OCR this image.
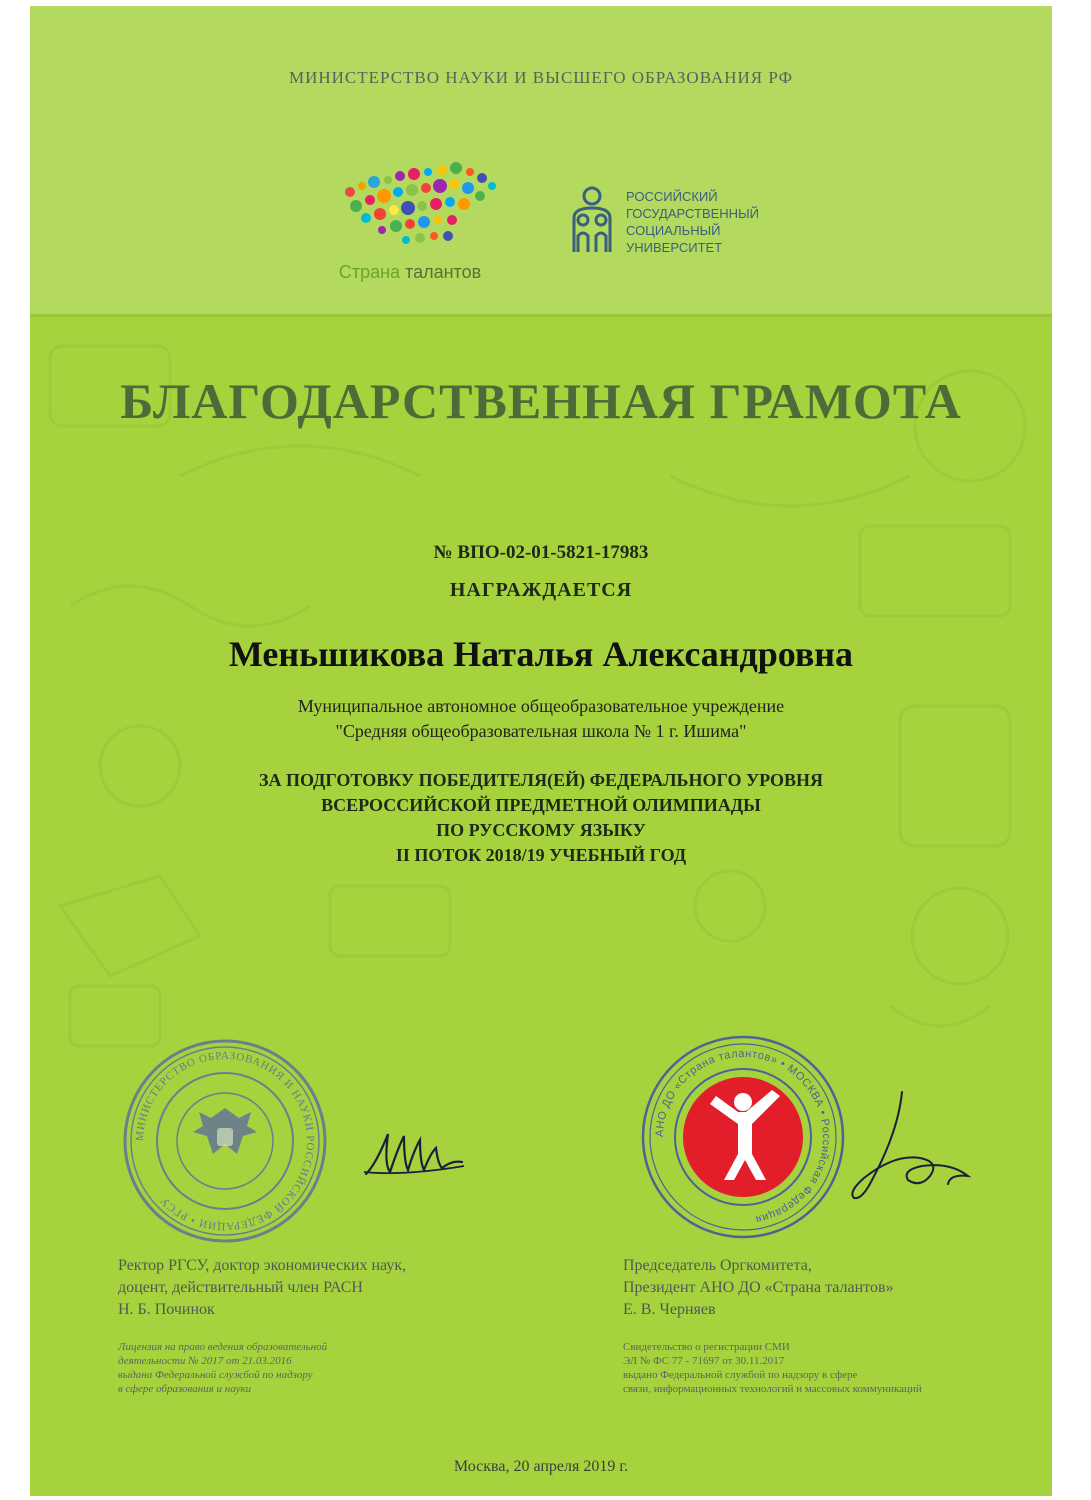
МИНИСТЕРСТВО НАУКИ И ВЫСШЕГО ОБРАЗОВАНИЯ РФ
Страна талантов
РОССИЙСКИЙ
ГОСУДАРСТВЕННЫЙ
СОЦИАЛЬНЫЙ
УНИВЕРСИТЕТ
БЛАГОДАРСТВЕННАЯ ГРАМОТА
№ ВПО-02-01-5821-17983
НАГРАЖДАЕТСЯ
Меньшикова Наталья Александровна
Муниципальное автономное общеобразовательное учреждение
"Средняя общеобразовательная школа № 1 г. Ишима"
ЗА ПОДГОТОВКУ ПОБЕДИТЕЛЯ(ЕЙ) ФЕДЕРАЛЬНОГО УРОВНЯ
ВСЕРОССИЙСКОЙ ПРЕДМЕТНОЙ ОЛИМПИАДЫ
ПО РУССКОМУ ЯЗЫКУ
II ПОТОК 2018/19 УЧЕБНЫЙ ГОД
МИНИСТЕРСТВО ОБРАЗОВАНИЯ И НАУКИ РОССИЙСКОЙ ФЕДЕРАЦИИ • РГСУ
АНО ДО «Страна талантов» • МОСКВА • Российская Федерация
Ректор РГСУ, доктор экономических наук,
доцент, действительный член РАСН
Н. Б. Починок
Председатель Оргкомитета,
Президент АНО ДО «Страна талантов»
Е. В. Черняев
Лицензия на право ведения образовательной
деятельности № 2017 от 21.03.2016
выдана Федеральной службой по надзору
в сфере образования и науки
Свидетельство о регистрации СМИ
ЭЛ № ФС 77 - 71697 от 30.11.2017
выдано Федеральной службой по надзору в сфере
связи, информационных технологий и массовых коммуникаций
Москва, 20 апреля 2019 г.
